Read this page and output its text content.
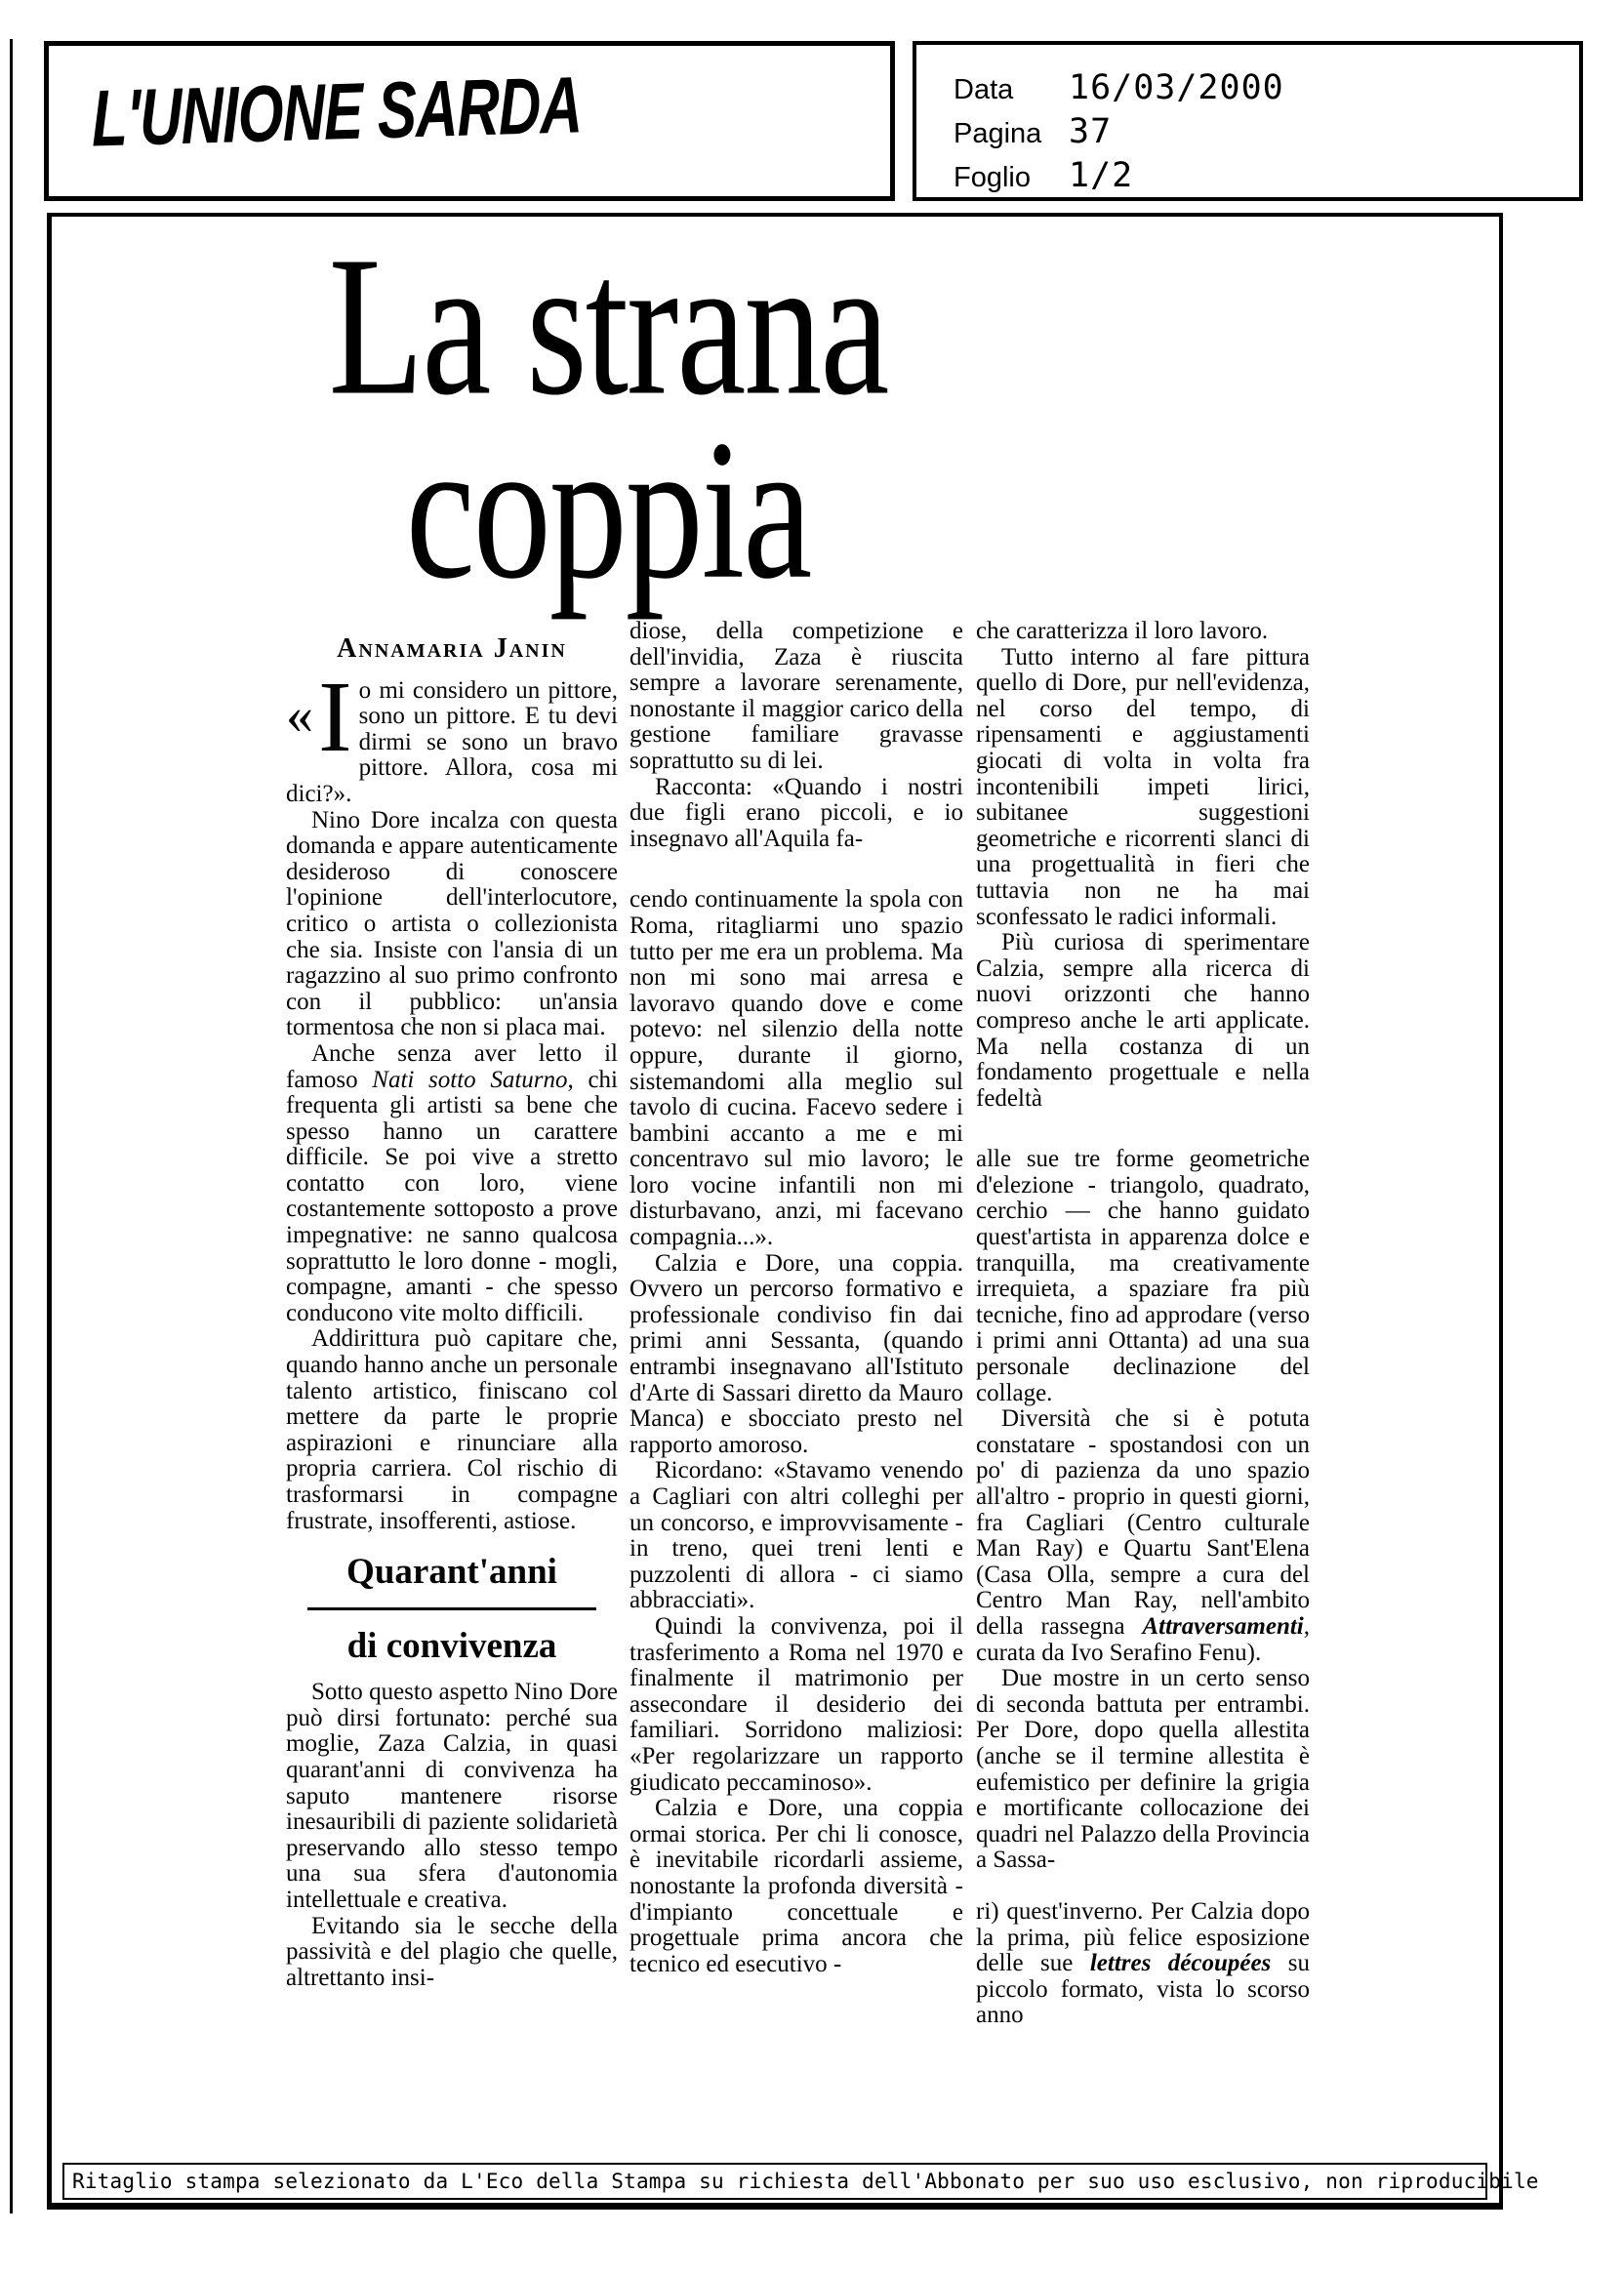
L'UNIONE SARDA	Data	16/03/2000
Pagina 37
Foglio	1/2
La strana
coppia
Annamaria Janin

« I o mi considero un pittore, sono un pittore. E tu devi dirmi se sono un bravo pittore. Allora, cosa mi dici?».

Nino Dore incalza con questa domanda e appare autenticamente desideroso di conoscere l'opinione dell'interlocutore, critico o artista o collezionista che sia. Insiste con l'ansia di un ragazzino al suo primo confronto con il pubblico: un'ansia tormentosa che non si placa mai.

Anche senza aver letto il famoso Nati sotto Saturno, chi frequenta gli artisti sa bene che spesso hanno un carattere difficile. Se poi vive a stretto contatto con loro, viene costantemente sottoposto a prove impegnative: ne sanno qualcosa soprattutto le loro donne - mogli, compagne, amanti - che spesso conducono vite molto difficili.

Addirittura può capitare che, quando hanno anche un personale talento artistico, finiscano col mettere da parte le proprie aspirazioni e rinunciare alla propria carriera. Col rischio di trasformarsi in compagne frustrate, insofferenti, astiose.

Quarant'anni
di convivenza

Sotto questo aspetto Nino Dore può dirsi fortunato: perché sua moglie, Zaza Calzia, in quasi quarant'anni di convivenza ha saputo mantenere risorse inesauribili di paziente solidarietà preservando allo stesso tempo una sua sfera d'autonomia intellettuale e creativa.

Evitando sia le secche della passività e del plagio che quelle, altrettanto insi-

diose, della competizione e dell'invidia, Zaza è riuscita sempre a lavorare serenamente, nonostante il maggior carico della gestione familiare gravasse soprattutto su di lei.

Racconta: «Quando i nostri due figli erano piccoli, e io insegnavo all'Aquila fa-

cendo continuamente la spola con Roma, ritagliarmi uno spazio tutto per me era un problema. Ma non mi sono mai arresa e lavoravo quando dove e come potevo: nel silenzio della notte oppure, durante il giorno, sistemandomi alla meglio sul tavolo di cucina. Facevo sedere i bambini accanto a me e mi concentravo sul mio lavoro; le loro vocine infantili non mi disturbavano, anzi, mi facevano compagnia...».

Calzia e Dore, una coppia. Ovvero un percorso formativo e professionale condiviso fin dai primi anni Sessanta, (quando entrambi insegnavano all'Istituto d'Arte di Sassari diretto da Mauro Manca) e sbocciato presto nel rapporto amoroso.

Ricordano: «Stavamo venendo a Cagliari con altri colleghi per un concorso, e improvvisamente - in treno, quei treni lenti e puzzolenti di allora - ci siamo abbracciati».

Quindi la convivenza, poi il trasferimento a Roma nel 1970 e finalmente il matrimonio per assecondare il desiderio dei familiari. Sorridono maliziosi: «Per regolarizzare un rapporto giudicato peccaminoso».

Calzia e Dore, una coppia ormai storica. Per chi li conosce, è inevitabile ricordarli assieme, nonostante la profonda diversità - d'impianto concettuale e progettuale prima ancora che tecnico ed esecutivo -

che caratterizza il loro lavoro.

Tutto interno al fare pittura quello di Dore, pur nell'evidenza, nel corso del tempo, di ripensamenti e aggiustamenti giocati di volta in volta fra incontenibili impeti lirici, subitanee suggestioni geometriche e ricorrenti slanci di una progettualità in fieri che tuttavia non ne ha mai sconfessato le radici informali.

Più curiosa di sperimentare Calzia, sempre alla ricerca di nuovi orizzonti che hanno compreso anche le arti applicate. Ma nella costanza di un fondamento progettuale e nella fedeltà

alle sue tre forme geometriche d'elezione - triangolo, quadrato, cerchio — che hanno guidato quest'artista in apparenza dolce e tranquilla, ma creativamente irrequieta, a spaziare fra più tecniche, fino ad approdare (verso i primi anni Ottanta) ad una sua personale declinazione del collage.

Diversità che si è potuta constatare - spostandosi con un po' di pazienza da uno spazio all'altro - proprio in questi giorni, fra Cagliari (Centro culturale Man Ray) e Quartu Sant'Elena (Casa Olla, sempre a cura del Centro Man Ray, nell'ambito della rassegna Attraversamenti, curata da Ivo Serafino Fenu).

Due mostre in un certo senso di seconda battuta per entrambi. Per Dore, dopo quella allestita (anche se il termine allestita è eufemistico per definire la grigia e mortificante collocazione dei quadri nel Palazzo della Provincia a Sassa-

ri) quest'inverno. Per Calzia dopo la prima, più felice esposizione delle sue lettres découpées su piccolo formato, vista lo scorso anno

Ritaglio stampa selezionato da L'Eco della Stampa su richiesta dell'Abbonato per suo uso esclusivo, non riproducibile
